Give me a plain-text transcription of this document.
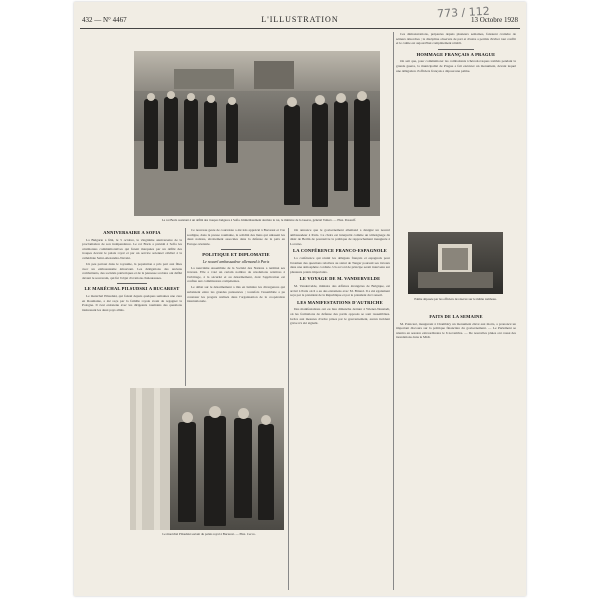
432 — N° 4467	L'ILLUSTRATION	13 Octobre 1928
773 / 112
Le roi Boris assistant à un défilé des troupes bulgares à Sofia. Immédiatement derrière le roi, le ministre de la Guerre, général Volkov. — Phot. Pesaroff.
ANNIVERSAIRE A SOFIA

La Bulgarie a fêté, le 5 octobre, le vingtième anniversaire de la proclamation de son indépendance. Le roi Boris a présidé à Sofia les cérémonies commémoratives qui furent marquées par un défilé des troupes devant le palais royal et par un service solennel célébré à la cathédrale Saint-Alexandre-Nevski.

Un peu partout dans le royaume, la population a pris part aux fêtes avec un enthousiasme émouvant. Les délégations des anciens combattants, des sociétés patriotiques et de la jeunesse scolaire ont défilé devant le souverain, qui fut l'objet d'ovations chaleureuses.

LE MARÉCHAL PILSUDSKI A BUCAREST

Le maréchal Pilsudski, qui faisait depuis quelques semaines une cure en Roumanie, a été reçu par la famille royale avant de regagner la Pologne. Il s'est entretenu avec les dirigeants roumains des questions intéressant les deux pays alliés.

Ce nouveau geste de courtoisie a été très apprécié à Bucarest et l'on souligne, dans la presse roumaine, la solidité des liens qui unissent les deux nations, étroitement associées dans la défense de la paix en Europe orientale.

POLITIQUE ET DIPLOMATIE
Le nouvel ambassadeur allemand à Paris

La neuvième Assemblée de la Société des Nations a terminé ses travaux. Elle a voté un certain nombre de résolutions relatives à l'arbitrage, à la sécurité et au désarmement, dont l'application est confiée aux commissions compétentes.

Le débat sur le désarmement a mis en lumière les divergences qui subsistent entre les grandes puissances ; toutefois l'assemblée a pu constater les progrès réalisés dans l'organisation de la coopération internationale.

On annonce que le gouvernement allemand a désigné un nouvel ambassadeur à Paris. Ce choix est interprété comme un témoignage du désir de Berlin de poursuivre la politique de rapprochement inaugurée à Locarno.

LA CONFÉRENCE FRANCO-ESPAGNOLE

La conférence qui réunit les délégués français et espagnols pour l'examen des questions relatives au statut de Tanger poursuit ses travaux dans une atmosphère cordiale. Un accord de principe serait intervenu sur plusieurs points importants.

LE VOYAGE DE M. VANDERVELDE

M. Vandervelde, ministre des Affaires étrangères de Belgique, est arrivé à Paris où il a eu des entretiens avec M. Briand. Il a été également reçu par le président de la République et par le président du Conseil.

LES MANIFESTATIONS D'AUTRICHE

Des manifestations ont eu lieu dimanche dernier à Wiener-Neustadt, où les formations de défense des partis opposés se sont rassemblées. Grâce aux mesures d'ordre prises par le gouvernement, aucun incident grave n'a été signalé.

Ces démonstrations, préparées depuis plusieurs semaines, faisaient craindre de sérieux désordres ; la discipline observée de part et d'autre a permis d'éviter tout conflit et le calme est aujourd'hui complètement rétabli.

HOMMAGE FRANÇAIS A PRAGUE

On sait que, pour commémorer les combattants tchécoslovaques tombés pendant la grande guerre, la municipalité de Prague a fait exécuter un monument, devant lequel une délégation d'officiers français a déposé une palme.

Palme déposée par les officiers de réserve sur le même tombeau.
FAITS DE LA SEMAINE

M. Poincaré, inaugurant à Chambéry un monument élevé aux morts, a prononcé un important discours sur la politique financière du gouvernement. — Le Parlement se réunira en session extraordinaire le 6 novembre. — De nouvelles pluies ont causé des inondations dans le Midi.

Le maréchal Pilsudski sortant du palais royal à Bucarest. — Phot. Cecco.
